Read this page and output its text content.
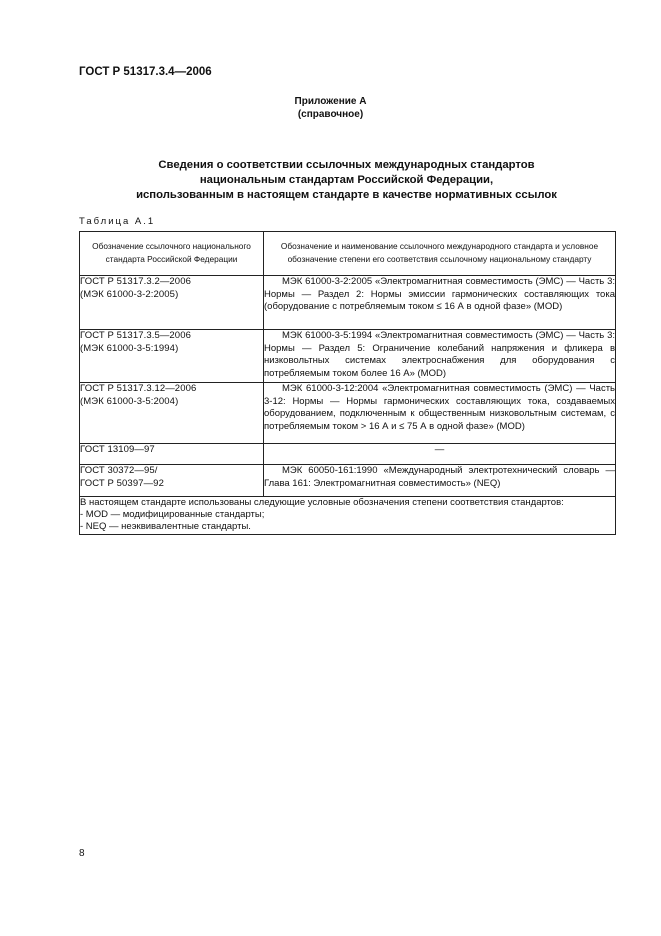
ГОСТ Р 51317.3.4—2006
Приложение А
(справочное)
Сведения о соответствии ссылочных международных стандартов
национальным стандартам Российской Федерации,
использованным в настоящем стандарте в качестве нормативных ссылок
Таблица А.1
Обозначение ссылочного национального стандарта Российской Федерации	Обозначение и наименование ссылочного международного стандарта и условное обозначение степени его соответствия ссылочному национальному стандарту

ГОСТ Р 51317.3.2—2006
(МЭК 61000-3-2:2005)	МЭК 61000-3-2:2005 «Электромагнитная совместимость (ЭМС) — Часть 3: Нормы — Раздел 2: Нормы эмиссии гармонических составляющих тока (оборудование с потребляемым током ≤ 16 А в одной фазе» (MOD)

ГОСТ Р 51317.3.5—2006
(МЭК 61000-3-5:1994)	МЭК 61000-3-5:1994 «Электромагнитная совместимость (ЭМС) — Часть 3: Нормы — Раздел 5: Ограничение колебаний напряжения и фликера в низковольтных системах электроснабжения для оборудования с потребляемым током более 16 А» (MOD)

ГОСТ Р 51317.3.12—2006
(МЭК 61000-3-5:2004)	МЭК 61000-3-12:2004 «Электромагнитная совместимость (ЭМС) — Часть 3-12: Нормы — Нормы гармонических составляющих тока, создаваемых оборудованием, подключенным к общественным низковольтным системам, с потребляемым током > 16 А и ≤ 75 А в одной фазе» (MOD)

ГОСТ 13109—97	—

ГОСТ 30372—95/
ГОСТ Р 50397—92	МЭК 60050-161:1990 «Международный электротехнический словарь — Глава 161: Электромагнитная совместимость» (NEQ)

В настоящем стандарте использованы следующие условные обозначения степени соответствия стандартов:
- MOD — модифицированные стандарты;
- NEQ — неэквивалентные стандарты.	
8
